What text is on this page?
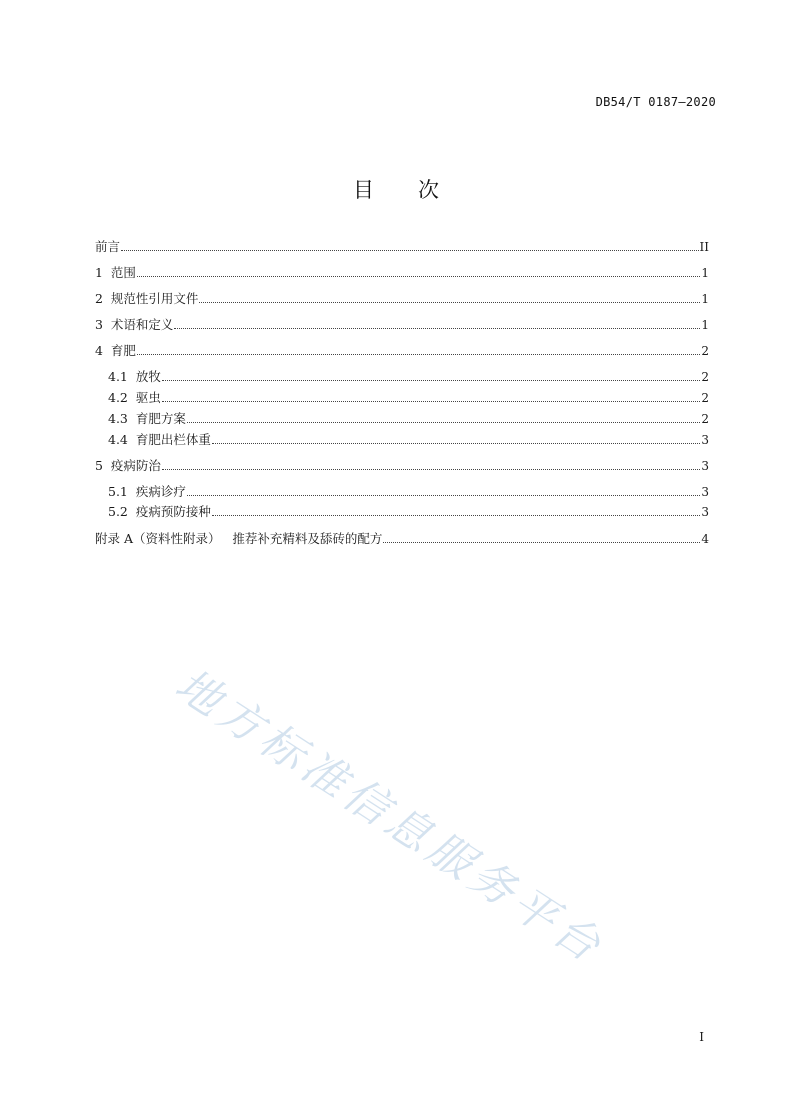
DB54/T 0187—2020
目 次
前言	II
1 范围	1
2 规范性引用文件	1
3 术语和定义	1
4 育肥	2
4.1 放牧	2
4.2 驱虫	2
4.3 育肥方案	2
4.4 育肥出栏体重	3
5 疫病防治	3
5.1 疾病诊疗	3
5.2 疫病预防接种	3
附录 A（资料性附录）   推荐补充精料及舔砖的配方	4
地方标准信息服务平台
I
